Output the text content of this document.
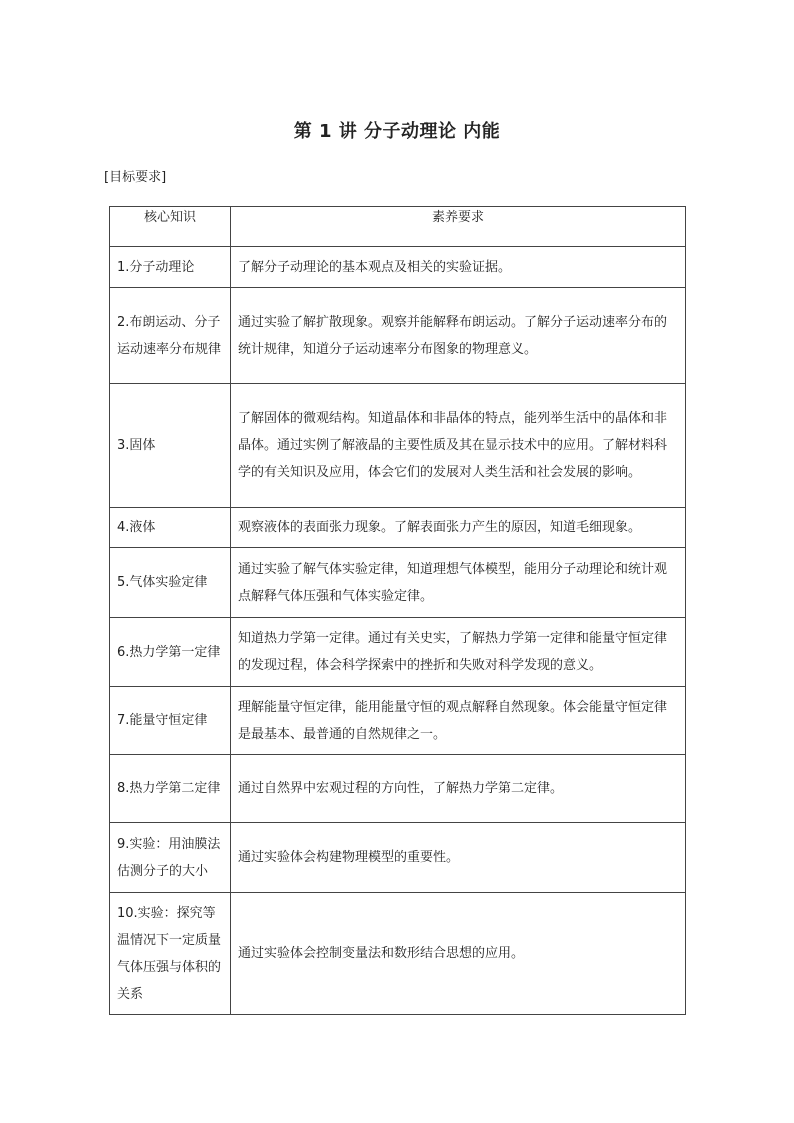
第 1 讲 分子动理论 内能
[目标要求]
核心知识	素养要求
1.分子动理论	了解分子动理论的基本观点及相关的实验证据。
2.布朗运动、分子运动速率分布规律	通过实验了解扩散现象。观察并能解释布朗运动。了解分子运动速率分布的统计规律，知道分子运动速率分布图象的物理意义。
3.固体	了解固体的微观结构。知道晶体和非晶体的特点，能列举生活中的晶体和非晶体。通过实例了解液晶的主要性质及其在显示技术中的应用。了解材料科学的有关知识及应用，体会它们的发展对人类生活和社会发展的影响。
4.液体	观察液体的表面张力现象。了解表面张力产生的原因，知道毛细现象。
5.气体实验定律	通过实验了解气体实验定律，知道理想气体模型，能用分子动理论和统计观点解释气体压强和气体实验定律。
6.热力学第一定律	知道热力学第一定律。通过有关史实，了解热力学第一定律和能量守恒定律的发现过程，体会科学探索中的挫折和失败对科学发现的意义。
7.能量守恒定律	理解能量守恒定律，能用能量守恒的观点解释自然现象。体会能量守恒定律是最基本、最普通的自然规律之一。
8.热力学第二定律	通过自然界中宏观过程的方向性，了解热力学第二定律。
9.实验：用油膜法估测分子的大小	通过实验体会构建物理模型的重要性。
10.实验：探究等温情况下一定质量气体压强与体积的关系	通过实验体会控制变量法和数形结合思想的应用。
